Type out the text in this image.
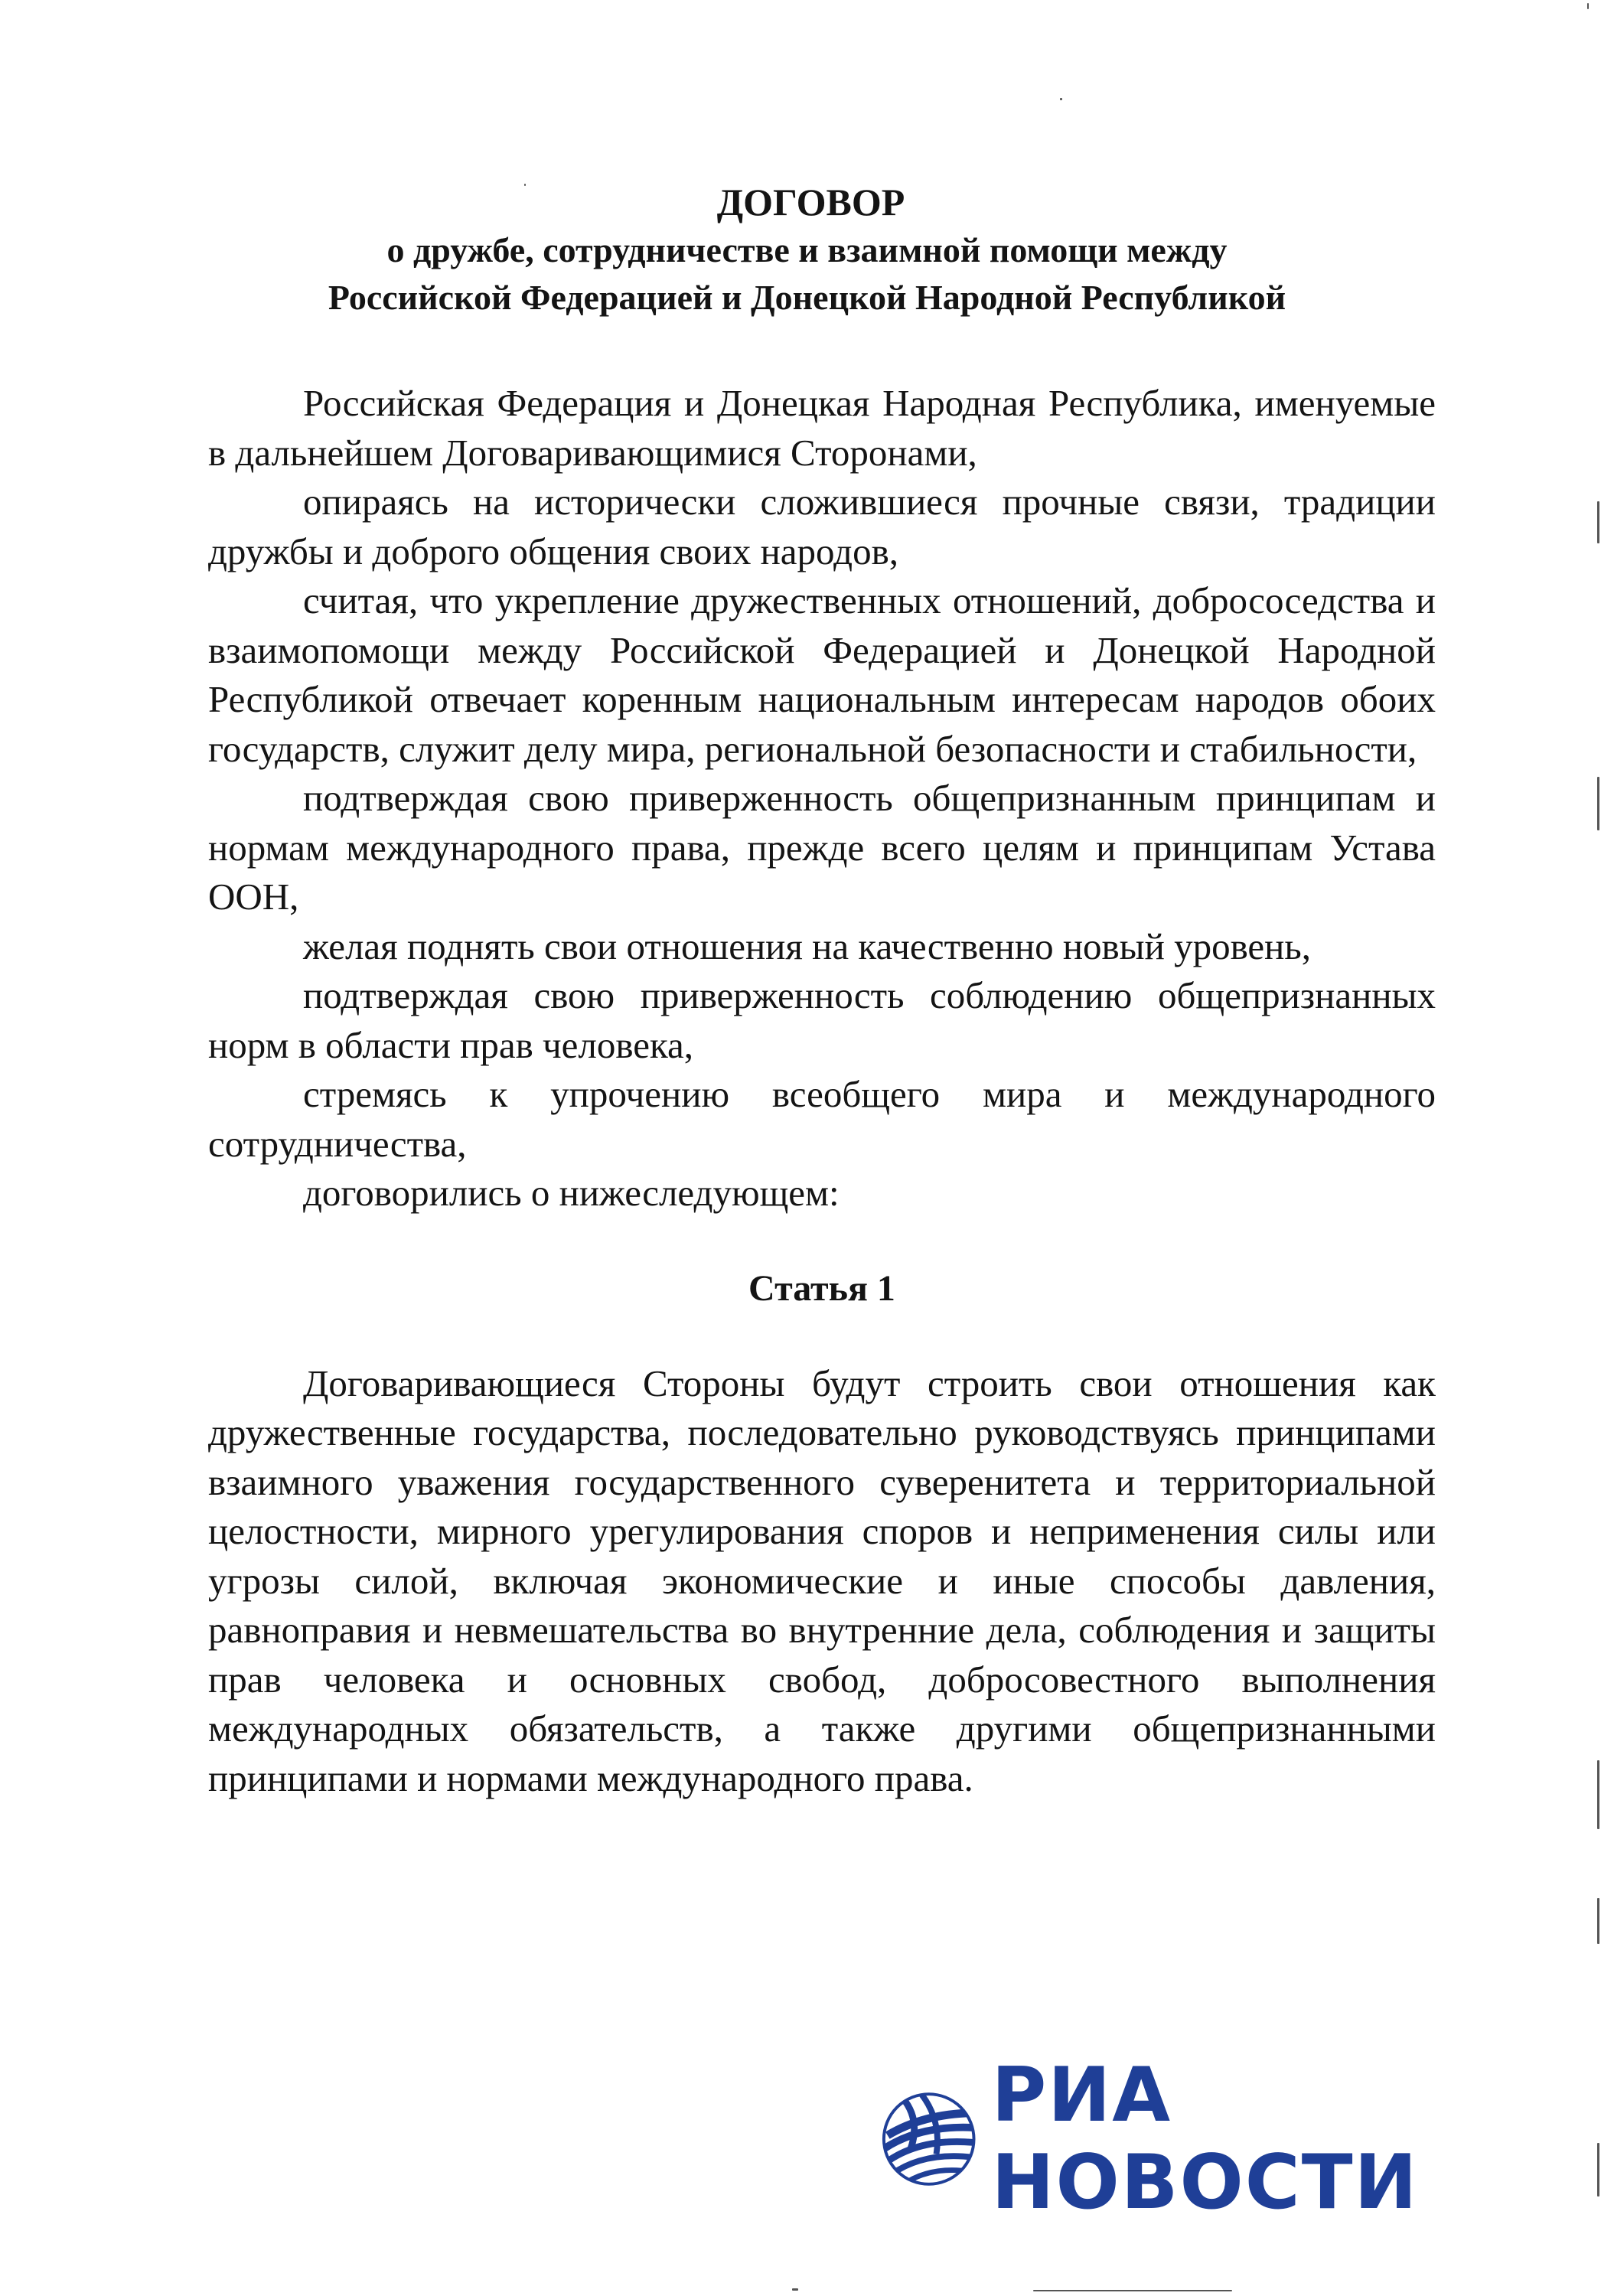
ДОГОВОР
о дружбе, сотрудничестве и взаимной помощи между
Российской Федерацией и Донецкой Народной Республикой

Российская Федерация и Донецкая Народная Республика, именуемые в дальнейшем Договаривающимися Сторонами,

опираясь на исторически сложившиеся прочные связи, традиции дружбы и доброго общения своих народов,

считая, что укрепление дружественных отношений, добрососедства и взаимопомощи между Российской Федерацией и Донецкой Народной Республикой отвечает коренным национальным интересам народов обоих государств, служит делу мира, региональной безопасности и стабильности,

подтверждая свою приверженность общепризнанным принципам и нормам международного права, прежде всего целям и принципам Устава ООН,

желая поднять свои отношения на качественно новый уровень,

подтверждая свою приверженность соблюдению общепризнанных норм в области прав человека,

стремясь к упрочению всеобщего мира и международного сотрудничества,

договорились о нижеследующем:

Статья 1

Договаривающиеся Стороны будут строить свои отношения как дружественные государства, последовательно руководствуясь принципами взаимного уважения государственного суверенитета и территориальной целостности, мирного урегулирования споров и неприменения силы или угрозы силой, включая экономические и иные способы давления, равноправия и невмешательства во внутренние дела, соблюдения и защиты прав человека и основных свобод, добросовестного выполнения международных обязательств, а также другими общепризнанными принципами и нормами международного права.

РИА НОВОСТИ
